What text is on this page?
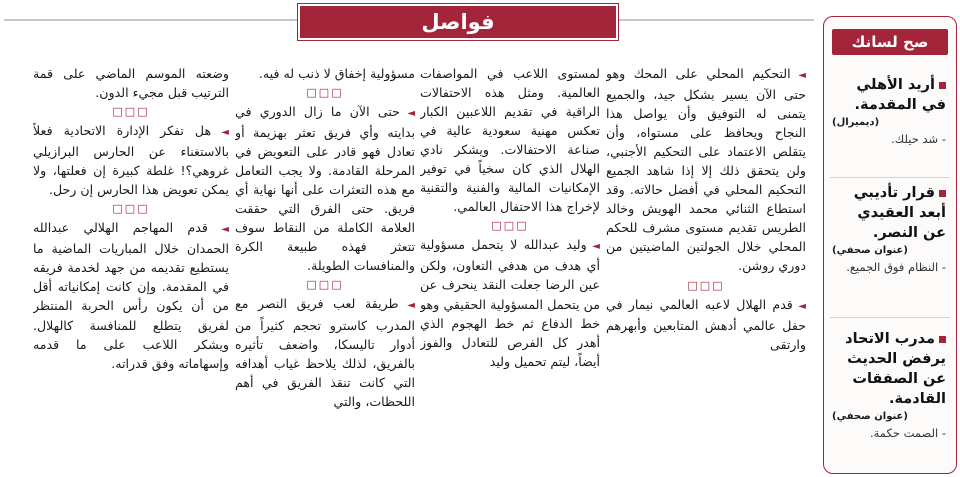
فواصل

◄ التحكيم المحلي على المحك وهو حتى الآن يسير بشكل جيد، والجميع يتمنى له التوفيق وأن يواصل هذا النجاح ويحافظ على مستواه، وأن يتقلص الاعتماد على التحكيم الأجنبي، ولن يتحقق ذلك إلا إذا شاهد الجميع التحكيم المحلي في أفضل حالاته. وقد استطاع الثنائي محمد الهويش وخالد الطريس تقديم مستوى مشرف للحكم المحلي خلال الجولتين الماضيتين من دوري روشن.

□□□

◄ قدم الهلال لاعبه العالمي نيمار في حفل عالمي أدهش المتابعين وأبهرهم وارتقى

لمستوى اللاعب في المواصفات العالمية. ومثل هذه الاحتفالات الراقية في تقديم اللاعبين الكبار تعكس مهنية سعودية عالية في صناعة الاحتفالات. ويشكر نادي الهلال الذي كان سخياً في توفير الإمكانيات المالية والفنية والتقنية لإخراج هذا الاحتفال العالمي.

□□□

◄ وليد عبدالله لا يتحمل مسؤولية أي هدف من هدفي التعاون، ولكن عين الرضا جعلت النقد ينحرف عن من يتحمل المسؤولية الحقيقي وهو خط الدفاع ثم خط الهجوم الذي أهدر كل الفرص للتعادل والفوز أيضاً، ليتم تحميل وليد

مسؤولية إخفاق لا ذنب له فيه.

□□□

◄ حتى الآن ما زال الدوري في بدايته وأي فريق تعثر بهزيمة أو تعادل فهو قادر على التعويض في المرحلة القادمة. ولا يجب التعامل مع هذه التعثرات على أنها نهاية أي فريق. حتى الفرق التي حققت العلامة الكاملة من النقاط سوف تتعثر فهذه طبيعة الكرة والمنافسات الطويلة.

□□□

◄ طريقة لعب فريق النصر مع المدرب كاسترو تحجم كثيراً من أدوار تاليسكا، واضعف تأثيره بالفريق، لذلك يلاحظ غياب أهدافه التي كانت تنقذ الفريق في أهم اللحظات، والتي

وضعته الموسم الماضي على قمة الترتيب قبل مجيء الدون.

□□□

◄ هل تفكر الإدارة الاتحادية فعلاً بالاستغناء عن الحارس البرازيلي غروهي؟! غلطة كبيرة إن فعلتها، ولا يمكن تعويض هذا الحارس إن رحل.

□□□

◄ قدم المهاجم الهلالي عبدالله الحمدان خلال المباريات الماضية ما يستطيع تقديمه من جهد لخدمة فريقه في المقدمة. وإن كانت إمكانياته أقل من أن يكون رأس الحربة المنتظر لفريق يتطلع للمنافسة كالهلال. ويشكر اللاعب على ما قدمه وإسهاماته وفق قدراته.

صح لسانك
أريد الأهلي في المقدمة.
(ديميرال)
- شد حيلك.
قرار تأديبي أبعد العقيدي عن النصر.
(عنوان صحفي)
- النظام فوق الجميع.
مدرب الاتحاد يرفض الحديث عن الصفقات القادمة.
(عنوان صحفي)
- الصمت حكمة.
